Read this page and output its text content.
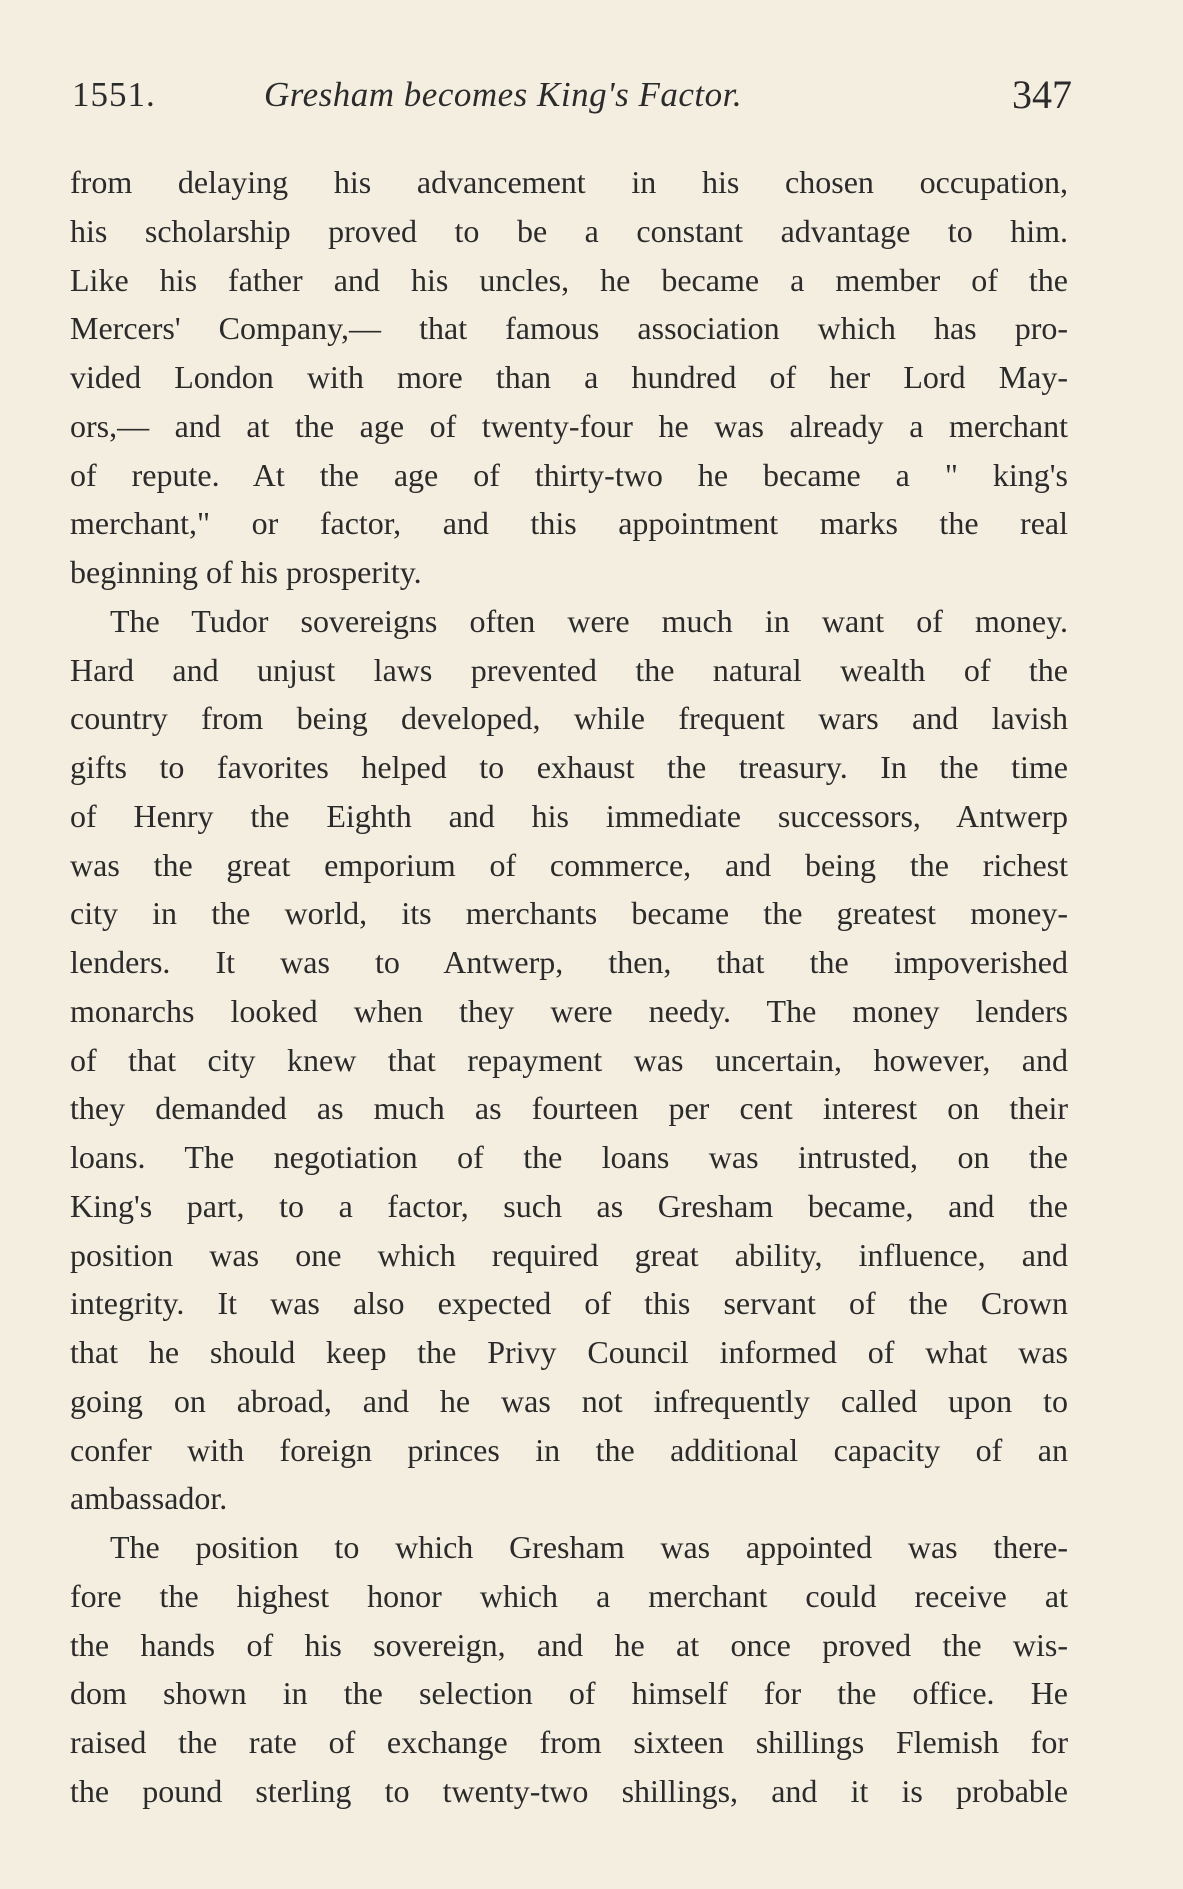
1551.	Gresham becomes King's Factor.	347
from delaying his advancement in his chosen occupation,
his scholarship proved to be a constant advantage to him.
Like his father and his uncles, he became a member of the
Mercers' Company,— that famous association which has pro-
vided London with more than a hundred of her Lord May-
ors,— and at the age of twenty-four he was already a merchant
of repute. At the age of thirty-two he became a " king's
merchant," or factor, and this appointment marks the real
beginning of his prosperity.
The Tudor sovereigns often were much in want of money.
Hard and unjust laws prevented the natural wealth of the
country from being developed, while frequent wars and lavish
gifts to favorites helped to exhaust the treasury. In the time
of Henry the Eighth and his immediate successors, Antwerp
was the great emporium of commerce, and being the richest
city in the world, its merchants became the greatest money-
lenders. It was to Antwerp, then, that the impoverished
monarchs looked when they were needy. The money lenders
of that city knew that repayment was uncertain, however, and
they demanded as much as fourteen per cent interest on their
loans. The negotiation of the loans was intrusted, on the
King's part, to a factor, such as Gresham became, and the
position was one which required great ability, influence, and
integrity. It was also expected of this servant of the Crown
that he should keep the Privy Council informed of what was
going on abroad, and he was not infrequently called upon to
confer with foreign princes in the additional capacity of an
ambassador.
The position to which Gresham was appointed was there-
fore the highest honor which a merchant could receive at
the hands of his sovereign, and he at once proved the wis-
dom shown in the selection of himself for the office. He
raised the rate of exchange from sixteen shillings Flemish for
the pound sterling to twenty-two shillings, and it is probable
